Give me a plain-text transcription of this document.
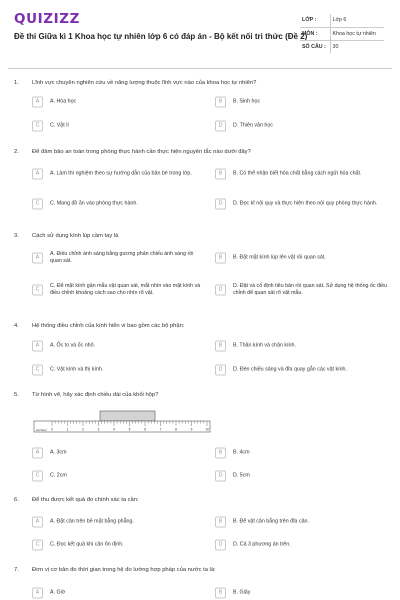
QUIZIZZ
Đề thi Giữa kì 1 Khoa học tự nhiên lớp 6 có đáp án - Bộ kết nối tri thức (Đề 2)
LỚP :	Lớp 6
MÔN :	Khoa học tự nhiên
SỐ CÂU :	30
1. Lĩnh vực chuyên nghiên cứu về năng lượng thuộc lĩnh vực nào của khoa học tự nhiên?
A	A. Hóa học	B	B. Sinh học
C	C. Vật lí	D	D. Thiên văn học
2. Để đảm bảo an toàn trong phòng thực hành cần thực hiện nguyên tắc nào dưới đây?
A	A. Làm thí nghiệm theo sự hướng dẫn của bản bè trong lớp.	B	B. Có thể nhận biết hóa chất bằng cách ngửi hóa chất.
C	C. Mang đồ ăn vào phòng thực hành.	D	D. Đọc kĩ nội quy và thực hiện theo nội quy phòng thực hành.
3. Cách sử dụng kính lúp cầm tay là
A
A. Điều chỉnh ánh sáng bằng gương phản chiếu ánh sáng rồi quan sát.
B	B. Đặt mặt kính lúp lên vật rồi quan sát.
C
C. Để mặt kính gần mẫu vật quan sát, mắt nhìn vào mặt kính và điều chỉnh khoảng cách sao cho nhìn rõ vật.
D
D. Đặt và cố định tiêu bản rồi quan sát. Sử dụng hệ thống ốc điều chỉnh để quan sát rõ vật mẫu.
4. Hệ thống điều chỉnh của kính hiển vi bao gồm các bộ phận:
A	A. Ốc to và ốc nhỏ.	B	B. Thân kính và chân kính.
C	C. Vật kính và thị kính.	D	D. Đèn chiếu sáng và đĩa quay gắn các vật kính.
5. Từ hình vẽ, hãy xác định chiều dài của khối hộp?
0	1	2	3	4	5	6	7	8	9	10
(inches)
A	A. 3cm	B	B. 4cm
C	C. 2cm	D	D. 5cm
6. Để thu được kết quả đo chính xác ta cần:
A	A. Đặt cân trên bề mặt bằng phẳng.	B	B. Để vật cân bằng trên đĩa cân.
C	C. Đọc kết quả khi cân ổn định.	D	D. Cả 3 phương án trên.
7. Đơn vị cơ bản đo thời gian trong hệ đo lường hợp pháp của nước ta là:
A	A. Giờ	B	B. Giây
